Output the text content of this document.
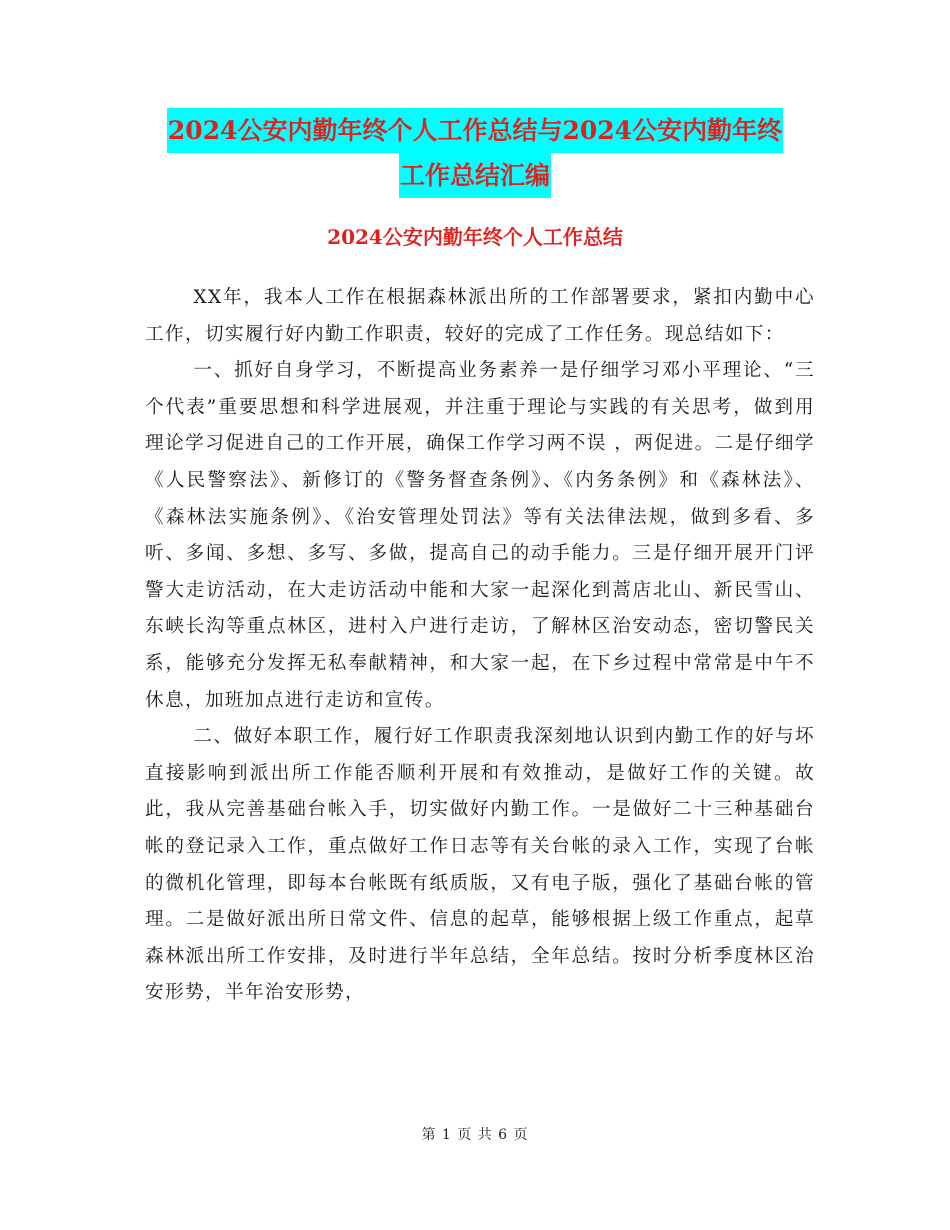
2024公安内勤年终个人工作总结与2024公安内勤年终
工作总结汇编
2024公安内勤年终个人工作总结

XX年，我本人工作在根据森林派出所的工作部署要求，紧扣内勤中心工作，切实履行好内勤工作职责，较好的完成了工作任务。现总结如下：

一、抓好自身学习，不断提高业务素养一是仔细学习邓小平理论、“三个代表”重要思想和科学进展观，并注重于理论与实践的有关思考，做到用理论学习促进自己的工作开展，确保工作学习两不误 ，两促进。二是仔细学《人民警察法》、新修订的《警务督查条例》、《内务条例》和《森林法》、《森林法实施条例》、《治安管理处罚法》等有关法律法规，做到多看、多听、多闻、多想、多写、多做，提高自己的动手能力。三是仔细开展开门评警大走访活动，在大走访活动中能和大家一起深化到蒿店北山、新民雪山、东峡长沟等重点林区，进村入户进行走访，了解林区治安动态，密切警民关系，能够充分发挥无私奉献精神，和大家一起，在下乡过程中常常是中午不休息，加班加点进行走访和宣传。

二、做好本职工作，履行好工作职责我深刻地认识到内勤工作的好与坏直接影响到派出所工作能否顺利开展和有效推动，是做好工作的关键。故此，我从完善基础台帐入手，切实做好内勤工作。一是做好二十三种基础台帐的登记录入工作，重点做好工作日志等有关台帐的录入工作，实现了台帐的微机化管理，即每本台帐既有纸质版，又有电子版，强化了基础台帐的管理。二是做好派出所日常文件、信息的起草，能够根据上级工作重点，起草森林派出所工作安排，及时进行半年总结，全年总结。按时分析季度林区治安形势，半年治安形势，

第 1 页 共 6 页
